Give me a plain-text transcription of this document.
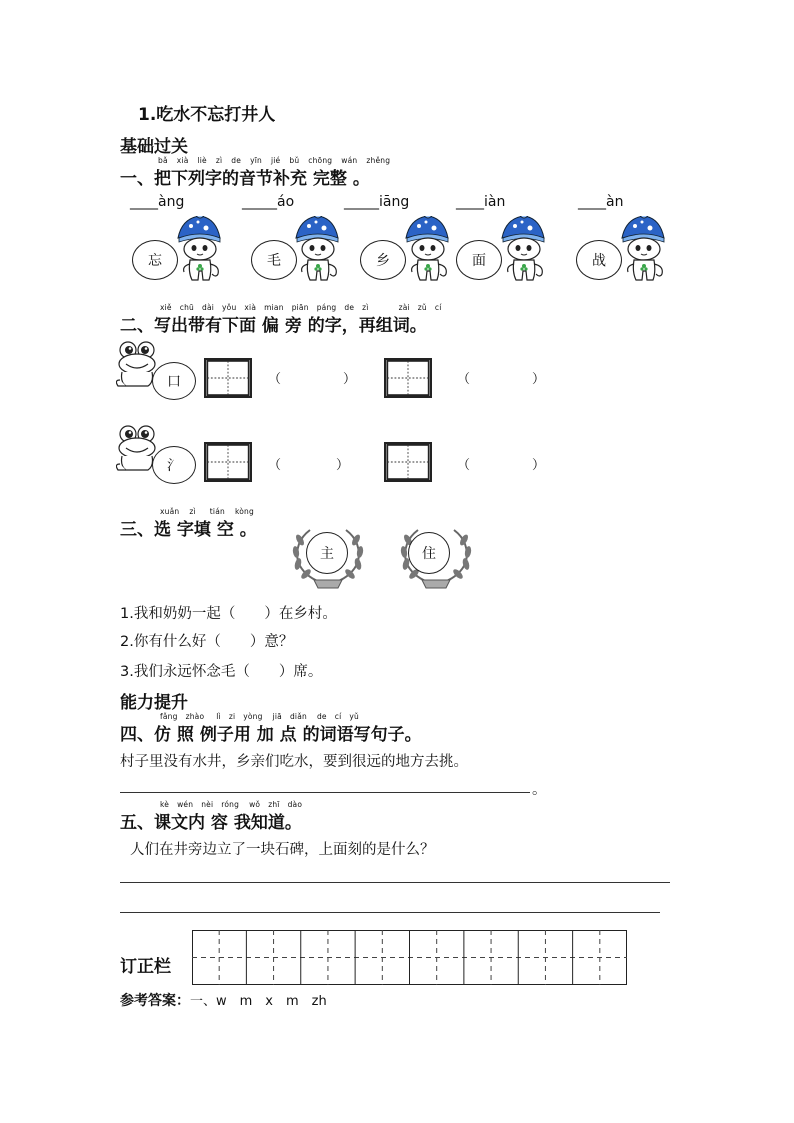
1.吃水不忘打井人
基础过关
bǎ xià liè zì de yīn jié bǔ chōng wán zhěng
一、把下列字的音节补充 完整 。
____àng	_____áo	_____iāng	____iàn	____àn
忘	毛	乡	面	战
xiě chū dài yǒu xià mian piān páng de zì	zài zǔ cí
二、写出带有下面 偏 旁 的字，再组词。
口	（	）	（	）
氵	（	）	（	）
xuǎn zì tián kòng
三、选 字填 空 。
主	住
1.我和奶奶一起（　　）在乡村。
2.你有什么好（　　）意？
3.我们永远怀念毛（　　）席。
能力提升
fǎng zhào lì zi yòng jiā diǎn de cí yǔ
四、仿 照 例子用 加 点 的词语写句子。
村子里没有水井，乡亲们吃水，要到很远的地方去挑。
。
kè wén nèi róng wǒ zhī dào
五、课文内 容 我知道。
人们在井旁边立了一块石碑，上面刻的是什么？
订正栏
参考答案：一、w　m　x　m　zh
